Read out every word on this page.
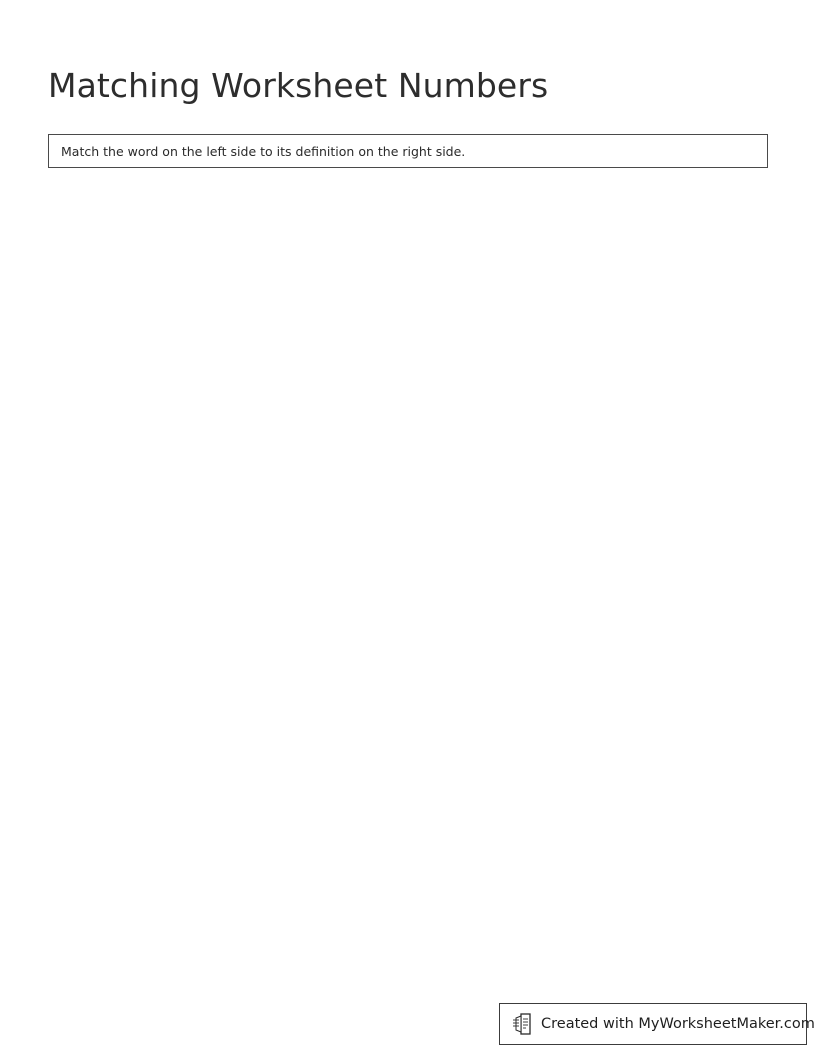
Matching Worksheet Numbers
Match the word on the left side to its definition on the right side.
Created with MyWorksheetMaker.com
